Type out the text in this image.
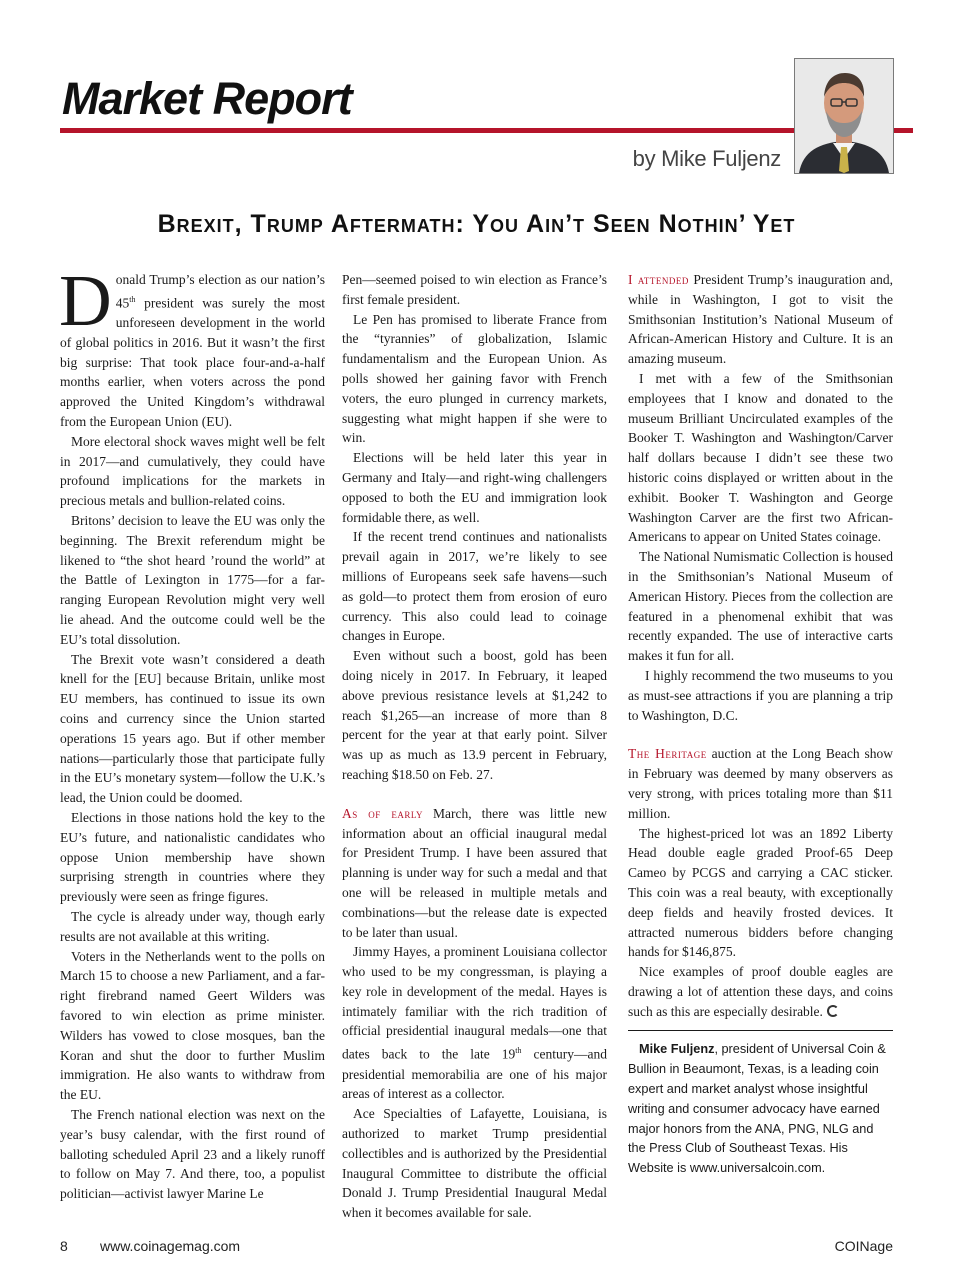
Market Report

by Mike Fuljenz

Brexit, Trump Aftermath: You Ain’t Seen Nothin’ Yet

Donald Trump’s election as our nation’s 45th president was surely the most unforeseen development in the world of global politics in 2016. But it wasn’t the first big surprise: That took place four-and-a-half months earlier, when voters across the pond approved the United Kingdom’s withdrawal from the European Union (EU).

More electoral shock waves might well be felt in 2017—and cumulatively, they could have profound implications for the markets in precious metals and bullion-related coins.

Britons’ decision to leave the EU was only the beginning. The Brexit referendum might be likened to “the shot heard ’round the world” at the Battle of Lexington in 1775—for a far-ranging European Revolution might very well lie ahead. And the outcome could well be the EU’s total dissolution.

The Brexit vote wasn’t considered a death knell for the [EU] because Britain, unlike most EU members, has continued to issue its own coins and currency since the Union started operations 15 years ago. But if other member nations—particularly those that participate fully in the EU’s monetary system—follow the U.K.’s lead, the Union could be doomed.

Elections in those nations hold the key to the EU’s future, and nationalistic candidates who oppose Union membership have shown surprising strength in countries where they previously were seen as fringe figures.

The cycle is already under way, though early results are not available at this writing.

Voters in the Netherlands went to the polls on March 15 to choose a new Parliament, and a far-right firebrand named Geert Wilders was favored to win election as prime minister. Wilders has vowed to close mosques, ban the Koran and shut the door to further Muslim immigration. He also wants to withdraw from the EU.

The French national election was next on the year’s busy calendar, with the first round of balloting scheduled April 23 and a likely runoff to follow on May 7. And there, too, a populist politician—activist lawyer Marine Le

Pen—seemed poised to win election as France’s first female president.

Le Pen has promised to liberate France from the “tyrannies” of globalization, Islamic fundamentalism and the European Union. As polls showed her gaining favor with French voters, the euro plunged in currency markets, suggesting what might happen if she were to win.

Elections will be held later this year in Germany and Italy—and right-wing challengers opposed to both the EU and immigration look formidable there, as well.

If the recent trend continues and nationalists prevail again in 2017, we’re likely to see millions of Europeans seek safe havens—such as gold—to protect them from erosion of euro currency. This also could lead to coinage changes in Europe.

Even without such a boost, gold has been doing nicely in 2017. In February, it leaped above previous resistance levels at $1,242 to reach $1,265—an increase of more than 8 percent for the year at that early point. Silver was up as much as 13.9 percent in February, reaching $18.50 on Feb. 27.

As of early March, there was little new information about an official inaugural medal for President Trump. I have been assured that planning is under way for such a medal and that one will be released in multiple metals and combinations—but the release date is expected to be later than usual.

Jimmy Hayes, a prominent Louisiana collector who used to be my congressman, is playing a key role in development of the medal. Hayes is intimately familiar with the rich tradition of official presidential inaugural medals—one that dates back to the late 19th century—and presidential memorabilia are one of his major areas of interest as a collector.

Ace Specialties of Lafayette, Louisiana, is authorized to market Trump presidential collectibles and is authorized by the Presidential Inaugural Committee to distribute the official Donald J. Trump Presidential Inaugural Medal when it becomes available for sale.

I attended President Trump’s inauguration and, while in Washington, I got to visit the Smithsonian Institution’s National Museum of African-American History and Culture. It is an amazing museum.

I met with a few of the Smithsonian employees that I know and donated to the museum Brilliant Uncirculated examples of the Booker T. Washington and Washington/Carver half dollars because I didn’t see these two historic coins displayed or written about in the exhibit. Booker T. Washington and George Washington Carver are the first two African-Americans to appear on United States coinage.

The National Numismatic Collection is housed in the Smithsonian’s National Museum of American History. Pieces from the collection are featured in a phenomenal exhibit that was recently expanded. The use of interactive carts makes it fun for all.

I highly recommend the two museums to you as must-see attractions if you are planning a trip to Washington, D.C.

The Heritage auction at the Long Beach show in February was deemed by many observers as very strong, with prices totaling more than $11 million.

The highest-priced lot was an 1892 Liberty Head double eagle graded Proof-65 Deep Cameo by PCGS and carrying a CAC sticker. This coin was a real beauty, with exceptionally deep fields and heavily frosted devices. It attracted numerous bidders before changing hands for $146,875.

Nice examples of proof double eagles are drawing a lot of attention these days, and coins such as this are especially desirable.

Mike Fuljenz, president of Universal Coin & Bullion in Beaumont, Texas, is a leading coin expert and market analyst whose insightful writing and consumer advocacy have earned major honors from the ANA, PNG, NLG and the Press Club of Southeast Texas. His Website is www.universalcoin.com.

8 www.coinagemag.com	COINage
